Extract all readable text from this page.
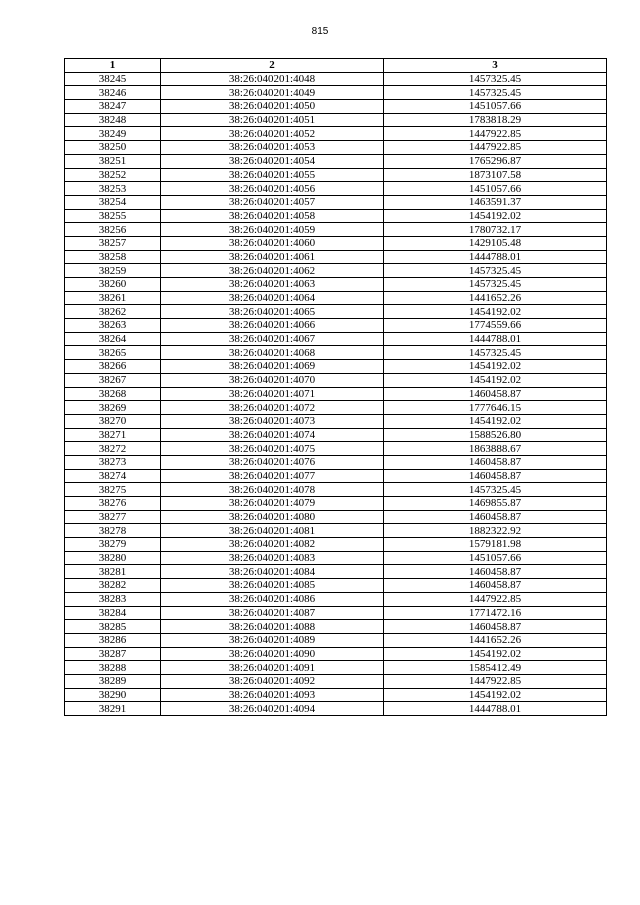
815
1	2	3
38245	38:26:040201:4048	1457325.45
38246	38:26:040201:4049	1457325.45
38247	38:26:040201:4050	1451057.66
38248	38:26:040201:4051	1783818.29
38249	38:26:040201:4052	1447922.85
38250	38:26:040201:4053	1447922.85
38251	38:26:040201:4054	1765296.87
38252	38:26:040201:4055	1873107.58
38253	38:26:040201:4056	1451057.66
38254	38:26:040201:4057	1463591.37
38255	38:26:040201:4058	1454192.02
38256	38:26:040201:4059	1780732.17
38257	38:26:040201:4060	1429105.48
38258	38:26:040201:4061	1444788.01
38259	38:26:040201:4062	1457325.45
38260	38:26:040201:4063	1457325.45
38261	38:26:040201:4064	1441652.26
38262	38:26:040201:4065	1454192.02
38263	38:26:040201:4066	1774559.66
38264	38:26:040201:4067	1444788.01
38265	38:26:040201:4068	1457325.45
38266	38:26:040201:4069	1454192.02
38267	38:26:040201:4070	1454192.02
38268	38:26:040201:4071	1460458.87
38269	38:26:040201:4072	1777646.15
38270	38:26:040201:4073	1454192.02
38271	38:26:040201:4074	1588526.80
38272	38:26:040201:4075	1863888.67
38273	38:26:040201:4076	1460458.87
38274	38:26:040201:4077	1460458.87
38275	38:26:040201:4078	1457325.45
38276	38:26:040201:4079	1469855.87
38277	38:26:040201:4080	1460458.87
38278	38:26:040201:4081	1882322.92
38279	38:26:040201:4082	1579181.98
38280	38:26:040201:4083	1451057.66
38281	38:26:040201:4084	1460458.87
38282	38:26:040201:4085	1460458.87
38283	38:26:040201:4086	1447922.85
38284	38:26:040201:4087	1771472.16
38285	38:26:040201:4088	1460458.87
38286	38:26:040201:4089	1441652.26
38287	38:26:040201:4090	1454192.02
38288	38:26:040201:4091	1585412.49
38289	38:26:040201:4092	1447922.85
38290	38:26:040201:4093	1454192.02
38291	38:26:040201:4094	1444788.01
